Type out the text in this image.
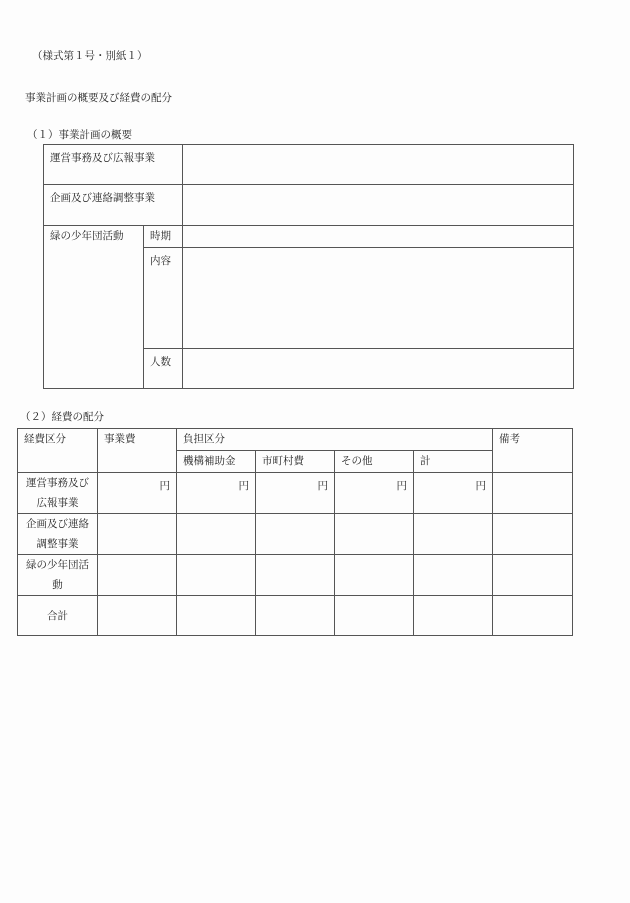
（様式第１号・別紙１）
事業計画の概要及び経費の配分
（１）事業計画の概要
運営事務及び広報事業		
企画及び連絡調整事業		
緑の少年団活動	時期	
	内容	
	人数	
（２）経費の配分
経費区分	事業費	負担区分				備考
		機構補助金	市町村費	その他	計	
運営事務及び広報事業	円	円	円	円	円	
企画及び連絡調整事業						
緑の少年団活動						
合計						
